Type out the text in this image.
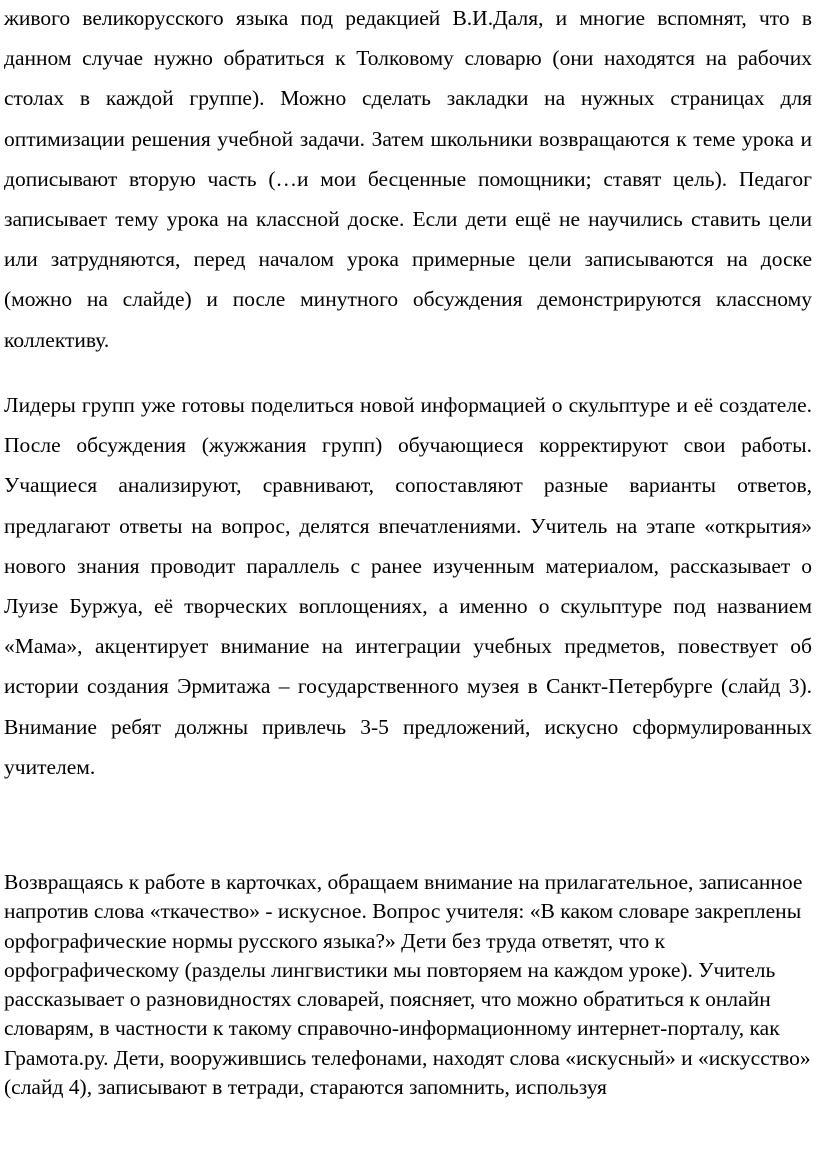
живого великорусского языка под редакцией В.И.Даля, и многие вспомнят, что в данном случае нужно обратиться к Толковому словарю (они находятся на рабочих столах в каждой группе). Можно сделать закладки на нужных страницах для оптимизации решения учебной задачи. Затем школьники возвращаются к теме урока и дописывают вторую часть (…и мои бесценные помощники; ставят цель). Педагог записывает тему урока на классной доске. Если дети ещё не научились ставить цели или затрудняются, перед началом урока примерные цели записываются на доске (можно на слайде) и после минутного обсуждения демонстрируются классному коллективу.

Лидеры групп уже готовы поделиться новой информацией о скульптуре и её создателе. После обсуждения (жужжания групп) обучающиеся корректируют свои работы. Учащиеся анализируют, сравнивают, сопоставляют разные варианты ответов, предлагают ответы на вопрос, делятся впечатлениями. Учитель на этапе «открытия» нового знания проводит параллель с ранее изученным материалом, рассказывает о Луизе Буржуа, её творческих воплощениях, а именно о скульптуре под названием «Мама», акцентирует внимание на интеграции учебных предметов, повествует об истории создания Эрмитажа – государственного музея в Санкт-Петербурге (слайд 3). Внимание ребят должны привлечь 3-5 предложений, искусно сформулированных учителем.

Возвращаясь к работе в карточках, обращаем внимание на прилагательное, записанное напротив слова «ткачество» - искусное. Вопрос учителя: «В каком словаре закреплены орфографические нормы русского языка?» Дети без труда ответят, что к орфографическому (разделы лингвистики мы повторяем на каждом уроке). Учитель рассказывает о разновидностях словарей, поясняет, что можно обратиться к онлайн словарям, в частности к такому справочно-информационному интернет-порталу, как Грамота.ру. Дети, вооружившись телефонами, находят слова «искусный» и «искусство» (слайд 4), записывают в тетради, стараются запомнить, используя
